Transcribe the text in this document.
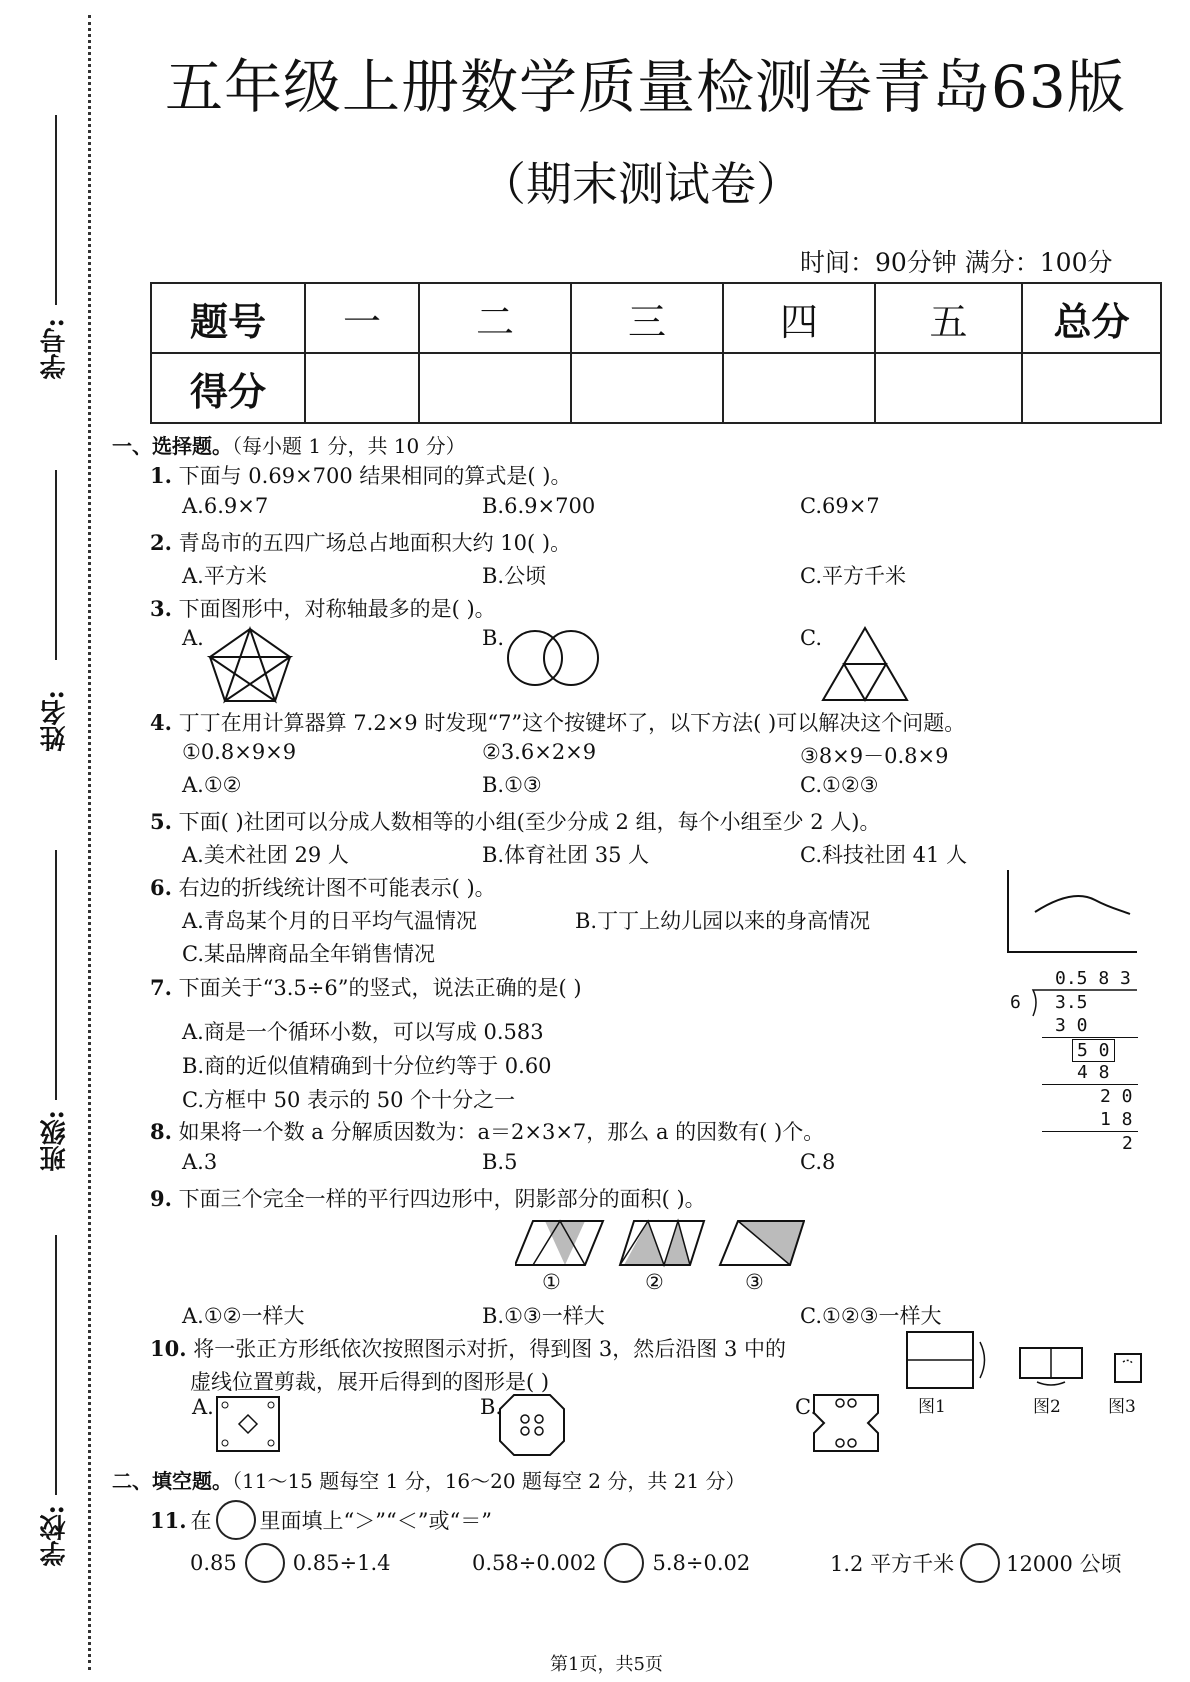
学号:
姓名:
班级:
学校:
五年级上册数学质量检测卷青岛63版
（期末测试卷）
时间：90分钟 满分：100分
题号	一	二	三	四	五	总分
得分						
一、选择题。（每小题 1 分，共 10 分）
1. 下面与 0.69×700 结果相同的算式是( )。
A.6.9×7	B.6.9×700	C.69×7
2. 青岛市的五四广场总占地面积大约 10( )。
A.平方米	B.公顷	C.平方千米
3. 下面图形中，对称轴最多的是( )。
A.	B.	C.
4. 丁丁在用计算器算 7.2×9 时发现“7”这个按键坏了，以下方法( )可以解决这个问题。
①0.8×9×9	②3.6×2×9	③8×9－0.8×9
A.①②	B.①③	C.①②③
5. 下面( )社团可以分成人数相等的小组(至少分成 2 组，每个小组至少 2 人)。
A.美术社团 29 人	B.体育社团 35 人	C.科技社团 41 人
6. 右边的折线统计图不可能表示( )。
A.青岛某个月的日平均气温情况	B.丁丁上幼儿园以来的身高情况
C.某品牌商品全年销售情况
7. 下面关于“3.5÷6”的竖式，说法正确的是( )
A.商是一个循环小数，可以写成 0.583
B.商的近似值精确到十分位约等于 0.60
C.方框中 50 表示的 50 个十分之一
0.5 8 3
6 3.5
3 0
5 0
4 8
2 0
1 8
2
8. 如果将一个数 a 分解质因数为：a＝2×3×7，那么 a 的因数有( )个。
A.3	B.5	C.8
9. 下面三个完全一样的平行四边形中，阴影部分的面积( )。
①	②	③
A.①②一样大	B.①③一样大	C.①②③一样大
10. 将一张正方形纸依次按照图示对折，得到图 3，然后沿图 3 中的
虚线位置剪裁，展开后得到的图形是( )
图1	图2	图3
A.	B.	C.
二、填空题。（11～15 题每空 1 分，16～20 题每空 2 分，共 21 分）
11. 在 里面填上“＞”“＜”或“＝”
0.85	0.85÷1.4	0.58÷0.002	5.8÷0.02	1.2 平方千米 12000 公顷
第1页，共5页
